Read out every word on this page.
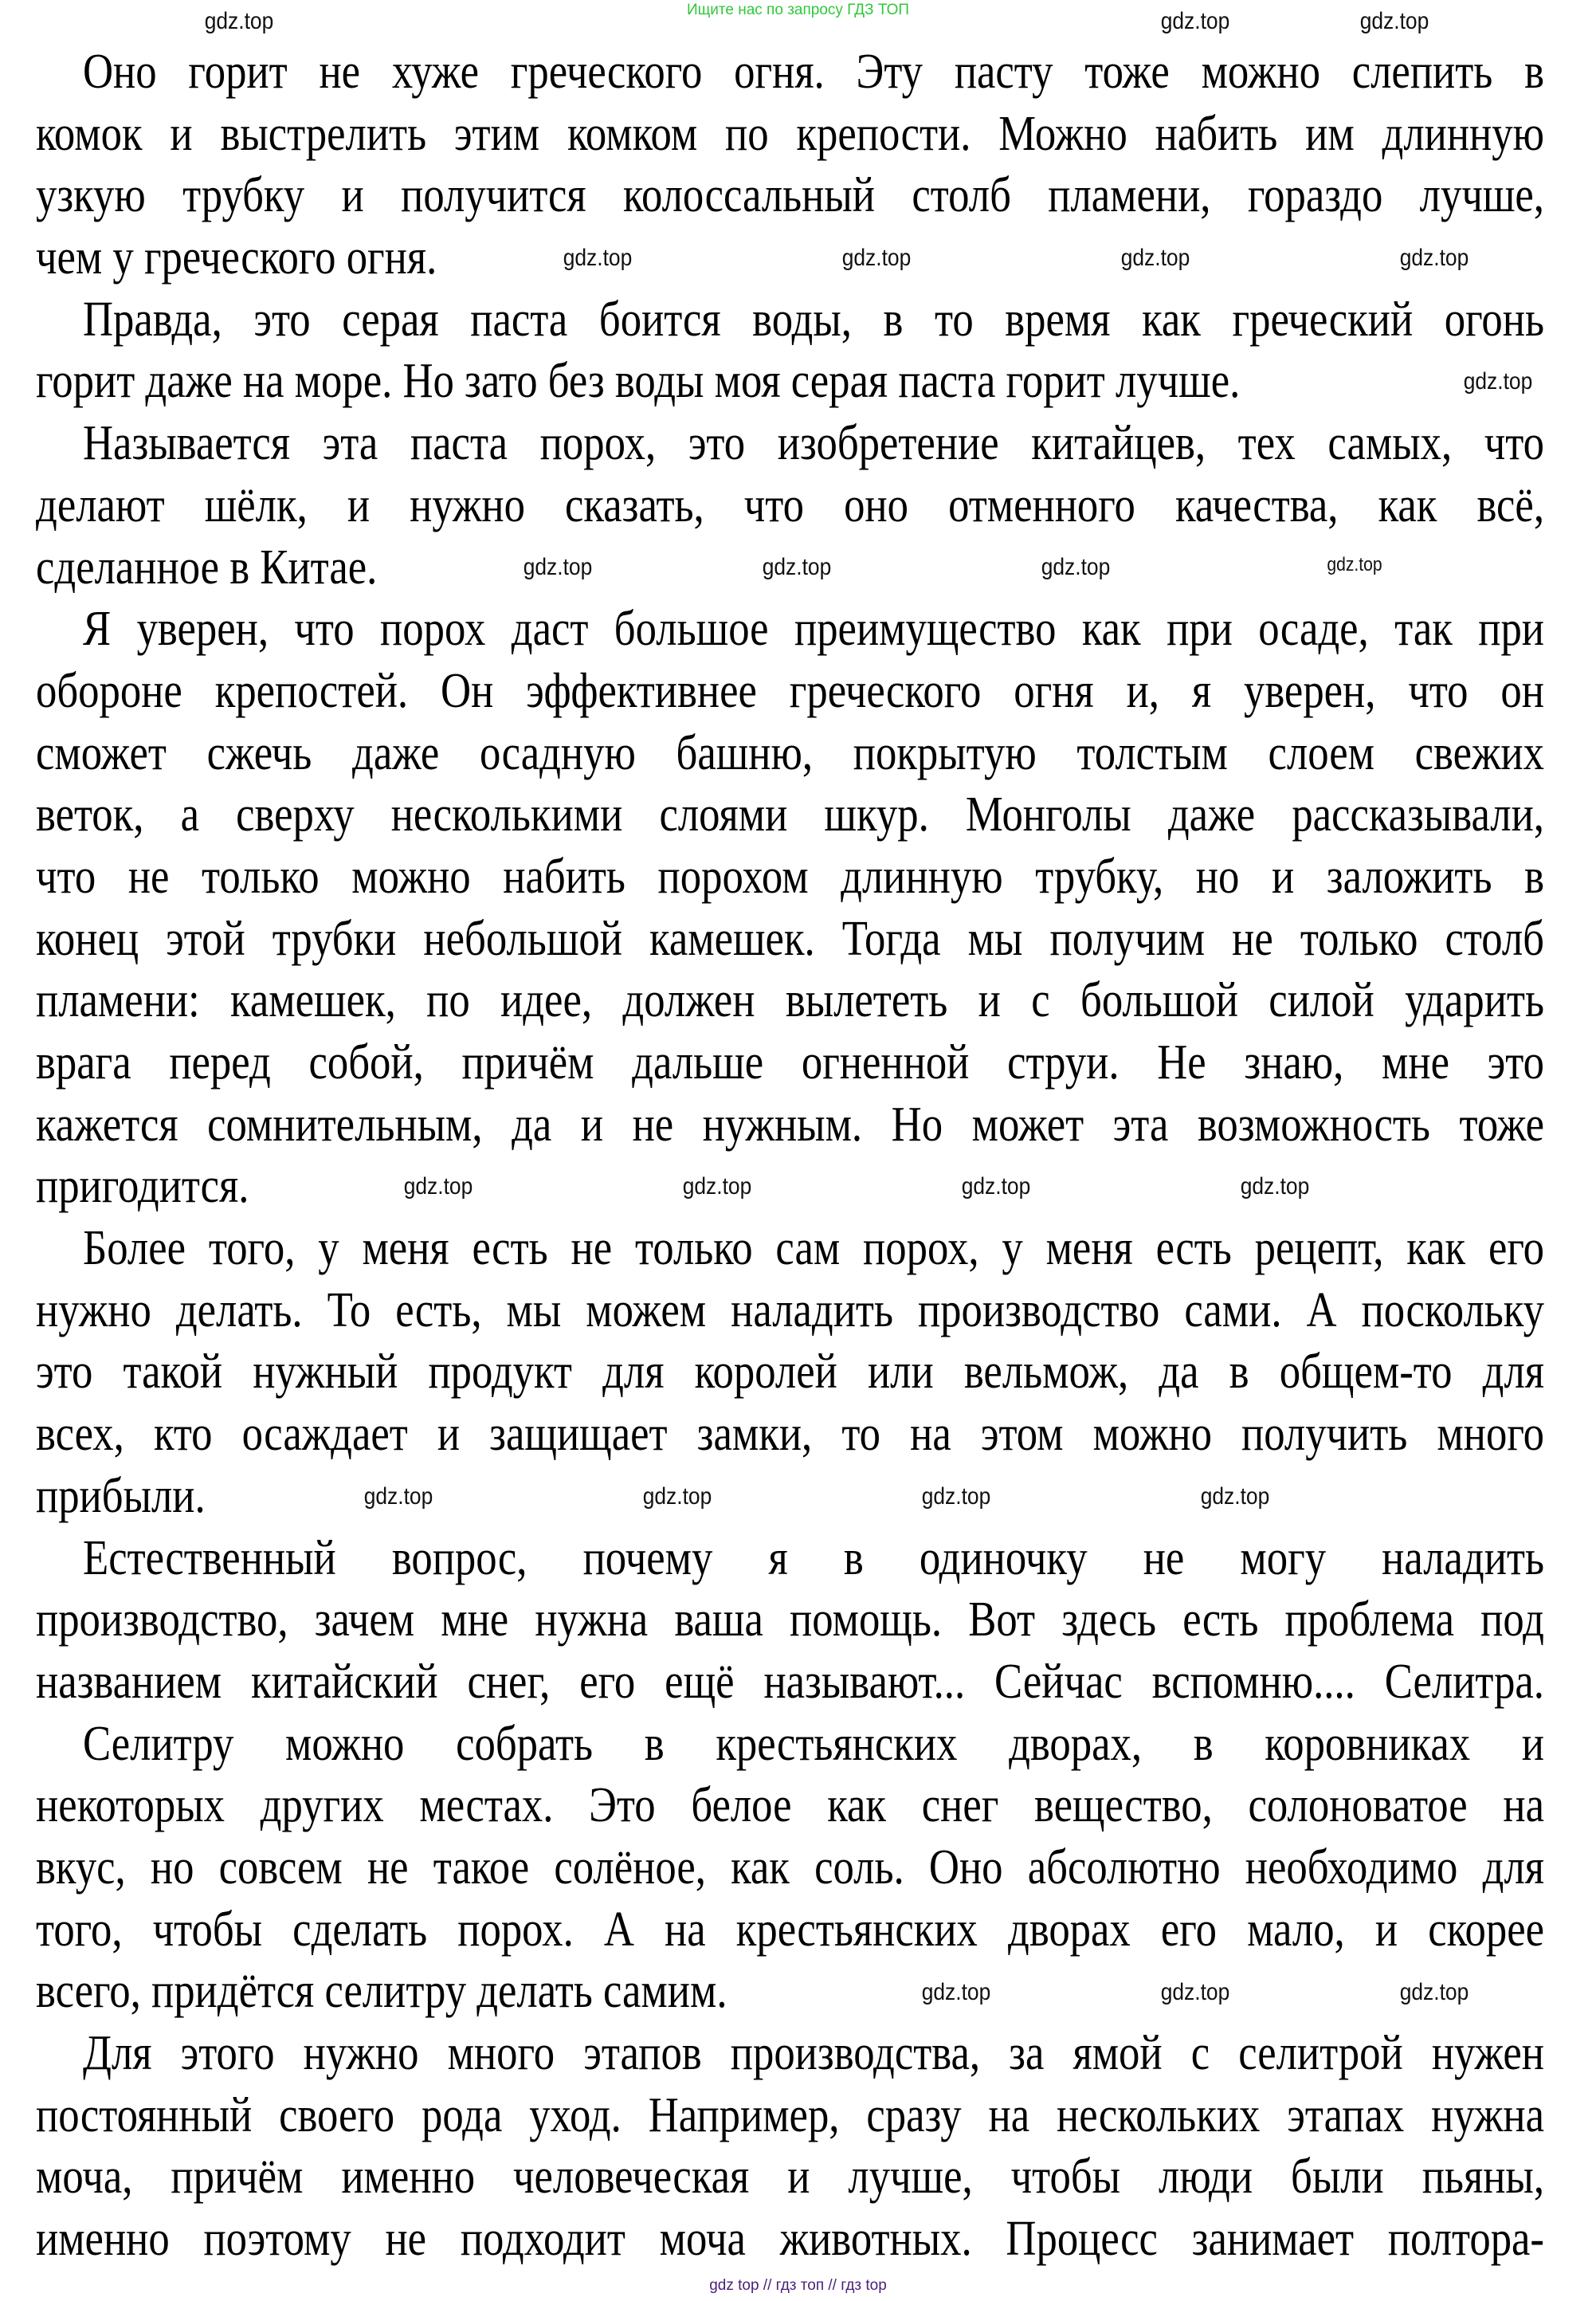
Ищите нас по запросу ГДЗ ТОП
Оно горит не хуже греческого огня. Эту пасту тоже можно слепить в
комок и выстрелить этим комком по крепости. Можно набить им длинную
узкую трубку и получится колоссальный столб пламени, гораздо лучше,
чем у греческого огня.
Правда, это серая паста боится воды, в то время как греческий огонь
горит даже на море. Но зато без воды моя серая паста горит лучше.
Называется эта паста порох, это изобретение китайцев, тех самых, что
делают шёлк, и нужно сказать, что оно отменного качества, как всё,
сделанное в Китае.
Я уверен, что порох даст большое преимущество как при осаде, так при
обороне крепостей. Он эффективнее греческого огня и, я уверен, что он
сможет сжечь даже осадную башню, покрытую толстым слоем свежих
веток, а сверху несколькими слоями шкур. Монголы даже рассказывали,
что не только можно набить порохом длинную трубку, но и заложить в
конец этой трубки небольшой камешек. Тогда мы получим не только столб
пламени: камешек, по идее, должен вылететь и с большой силой ударить
врага перед собой, причём дальше огненной струи. Не знаю, мне это
кажется сомнительным, да и не нужным. Но может эта возможность тоже
пригодится.
Более того, у меня есть не только сам порох, у меня есть рецепт, как его
нужно делать. То есть, мы можем наладить производство сами. А поскольку
это такой нужный продукт для королей или вельмож, да в общем-то для
всех, кто осаждает и защищает замки, то на этом можно получить много
прибыли.
Естественный вопрос, почему я в одиночку не могу наладить
производство, зачем мне нужна ваша помощь. Вот здесь есть проблема под
названием китайский снег, его ещё называют... Сейчас вспомню.... Селитра.
Селитру можно собрать в крестьянских дворах, в коровниках и
некоторых других местах. Это белое как снег вещество, солоноватое на
вкус, но совсем не такое солёное, как соль. Оно абсолютно необходимо для
того, чтобы сделать порох. А на крестьянских дворах его мало, и скорее
всего, придётся селитру делать самим.
Для этого нужно много этапов производства, за ямой с селитрой нужен
постоянный своего рода уход. Например, сразу на нескольких этапах нужна
моча, причём именно человеческая и лучше, чтобы люди были пьяны,
именно поэтому не подходит моча животных. Процесс занимает полтора-
gdz.top	gdz.top	gdz.top
gdz.top	gdz.top	gdz.top	gdz.top
gdz.top
gdz.top	gdz.top	gdz.top	gdz.top
gdz.top	gdz.top	gdz.top	gdz.top
gdz.top	gdz.top	gdz.top	gdz.top
gdz.top	gdz.top	gdz.top
gdz top // гдз топ // гдз top
